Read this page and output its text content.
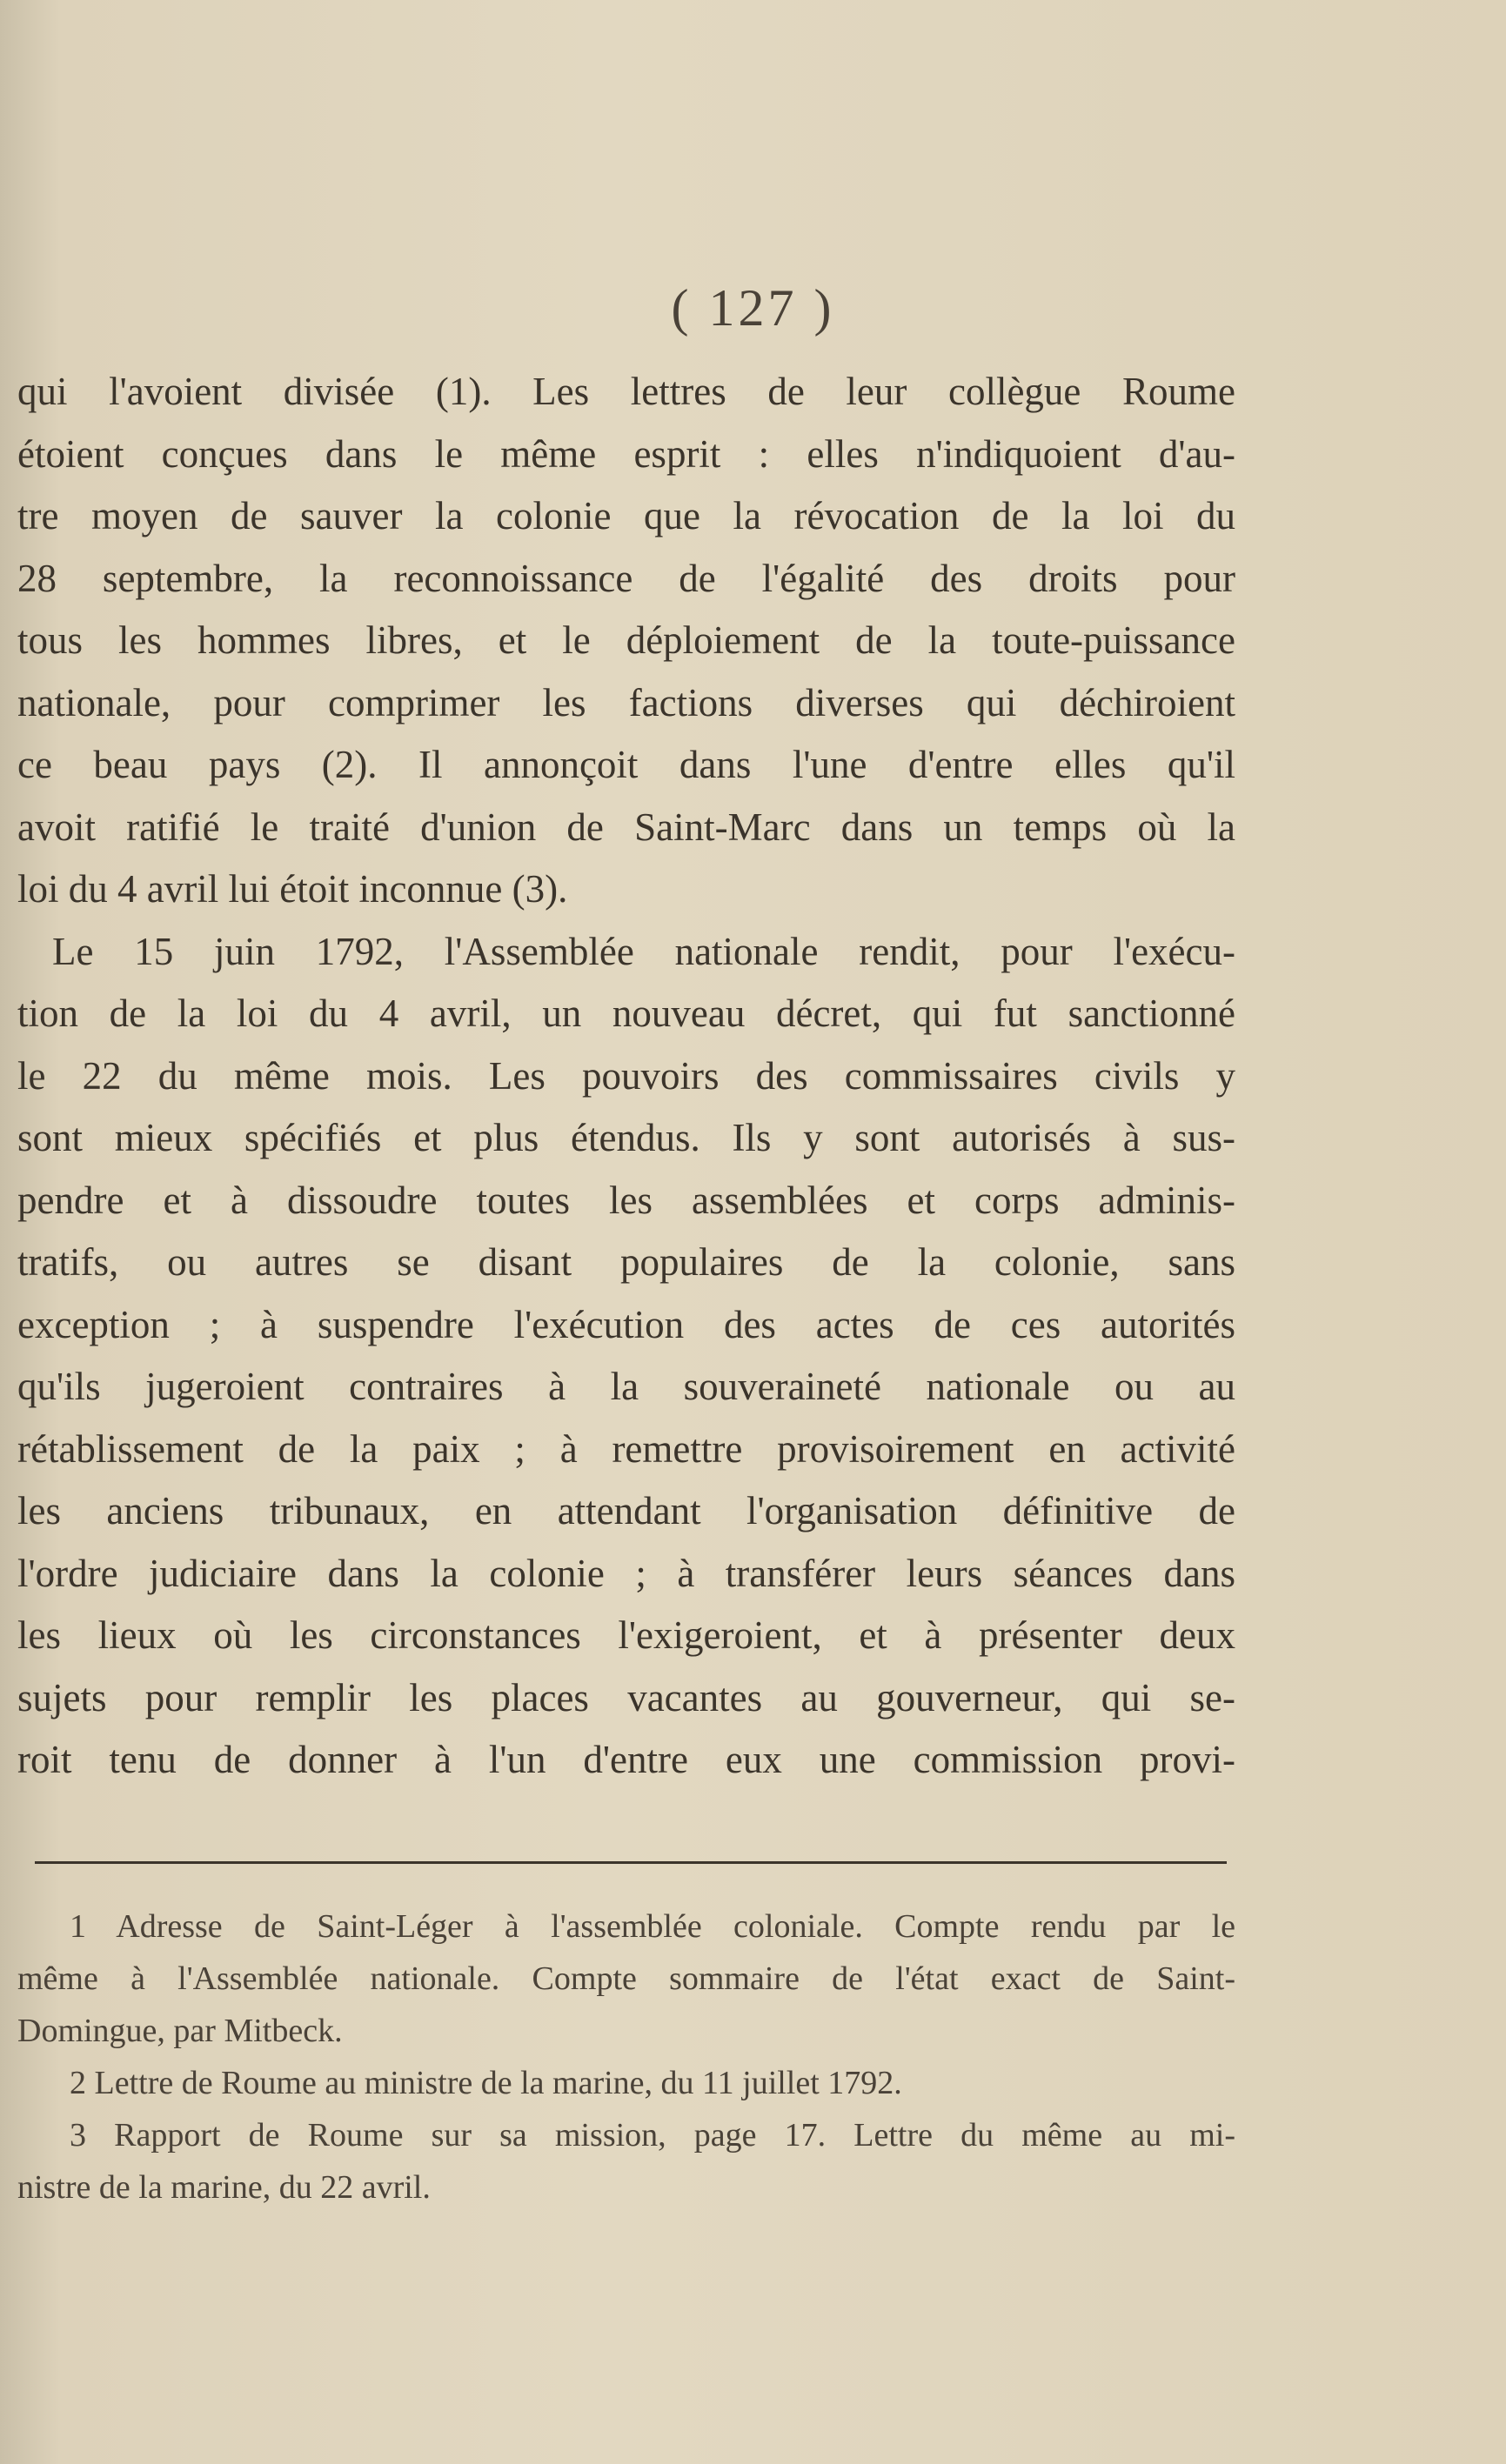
( 127 )
qui l'avoient divisée (1). Les lettres de leur collègue Roume
étoient conçues dans le même esprit : elles n'indiquoient d'au-
tre moyen de sauver la colonie que la révocation de la loi du
28 septembre, la reconnoissance de l'égalité des droits pour
tous les hommes libres, et le déploiement de la toute-puissance
nationale, pour comprimer les factions diverses qui déchiroient
ce beau pays (2). Il annonçoit dans l'une d'entre elles qu'il
avoit ratifié le traité d'union de Saint-Marc dans un temps où la
loi du 4 avril lui étoit inconnue (3).
Le 15 juin 1792, l'Assemblée nationale rendit, pour l'exécu-
tion de la loi du 4 avril, un nouveau décret, qui fut sanctionné
le 22 du même mois. Les pouvoirs des commissaires civils y
sont mieux spécifiés et plus étendus. Ils y sont autorisés à sus-
pendre et à dissoudre toutes les assemblées et corps adminis-
tratifs, ou autres se disant populaires de la colonie, sans
exception ; à suspendre l'exécution des actes de ces autorités
qu'ils jugeroient contraires à la souveraineté nationale ou au
rétablissement de la paix ; à remettre provisoirement en activité
les anciens tribunaux, en attendant l'organisation définitive de
l'ordre judiciaire dans la colonie ; à transférer leurs séances dans
les lieux où les circonstances l'exigeroient, et à présenter deux
sujets pour remplir les places vacantes au gouverneur, qui se-
roit tenu de donner à l'un d'entre eux une commission provi-
1 Adresse de Saint-Léger à l'assemblée coloniale. Compte rendu par le
même à l'Assemblée nationale. Compte sommaire de l'état exact de Saint-
Domingue, par Mitbeck.
2 Lettre de Roume au ministre de la marine, du 11 juillet 1792.
3 Rapport de Roume sur sa mission, page 17. Lettre du même au mi-
nistre de la marine, du 22 avril.
